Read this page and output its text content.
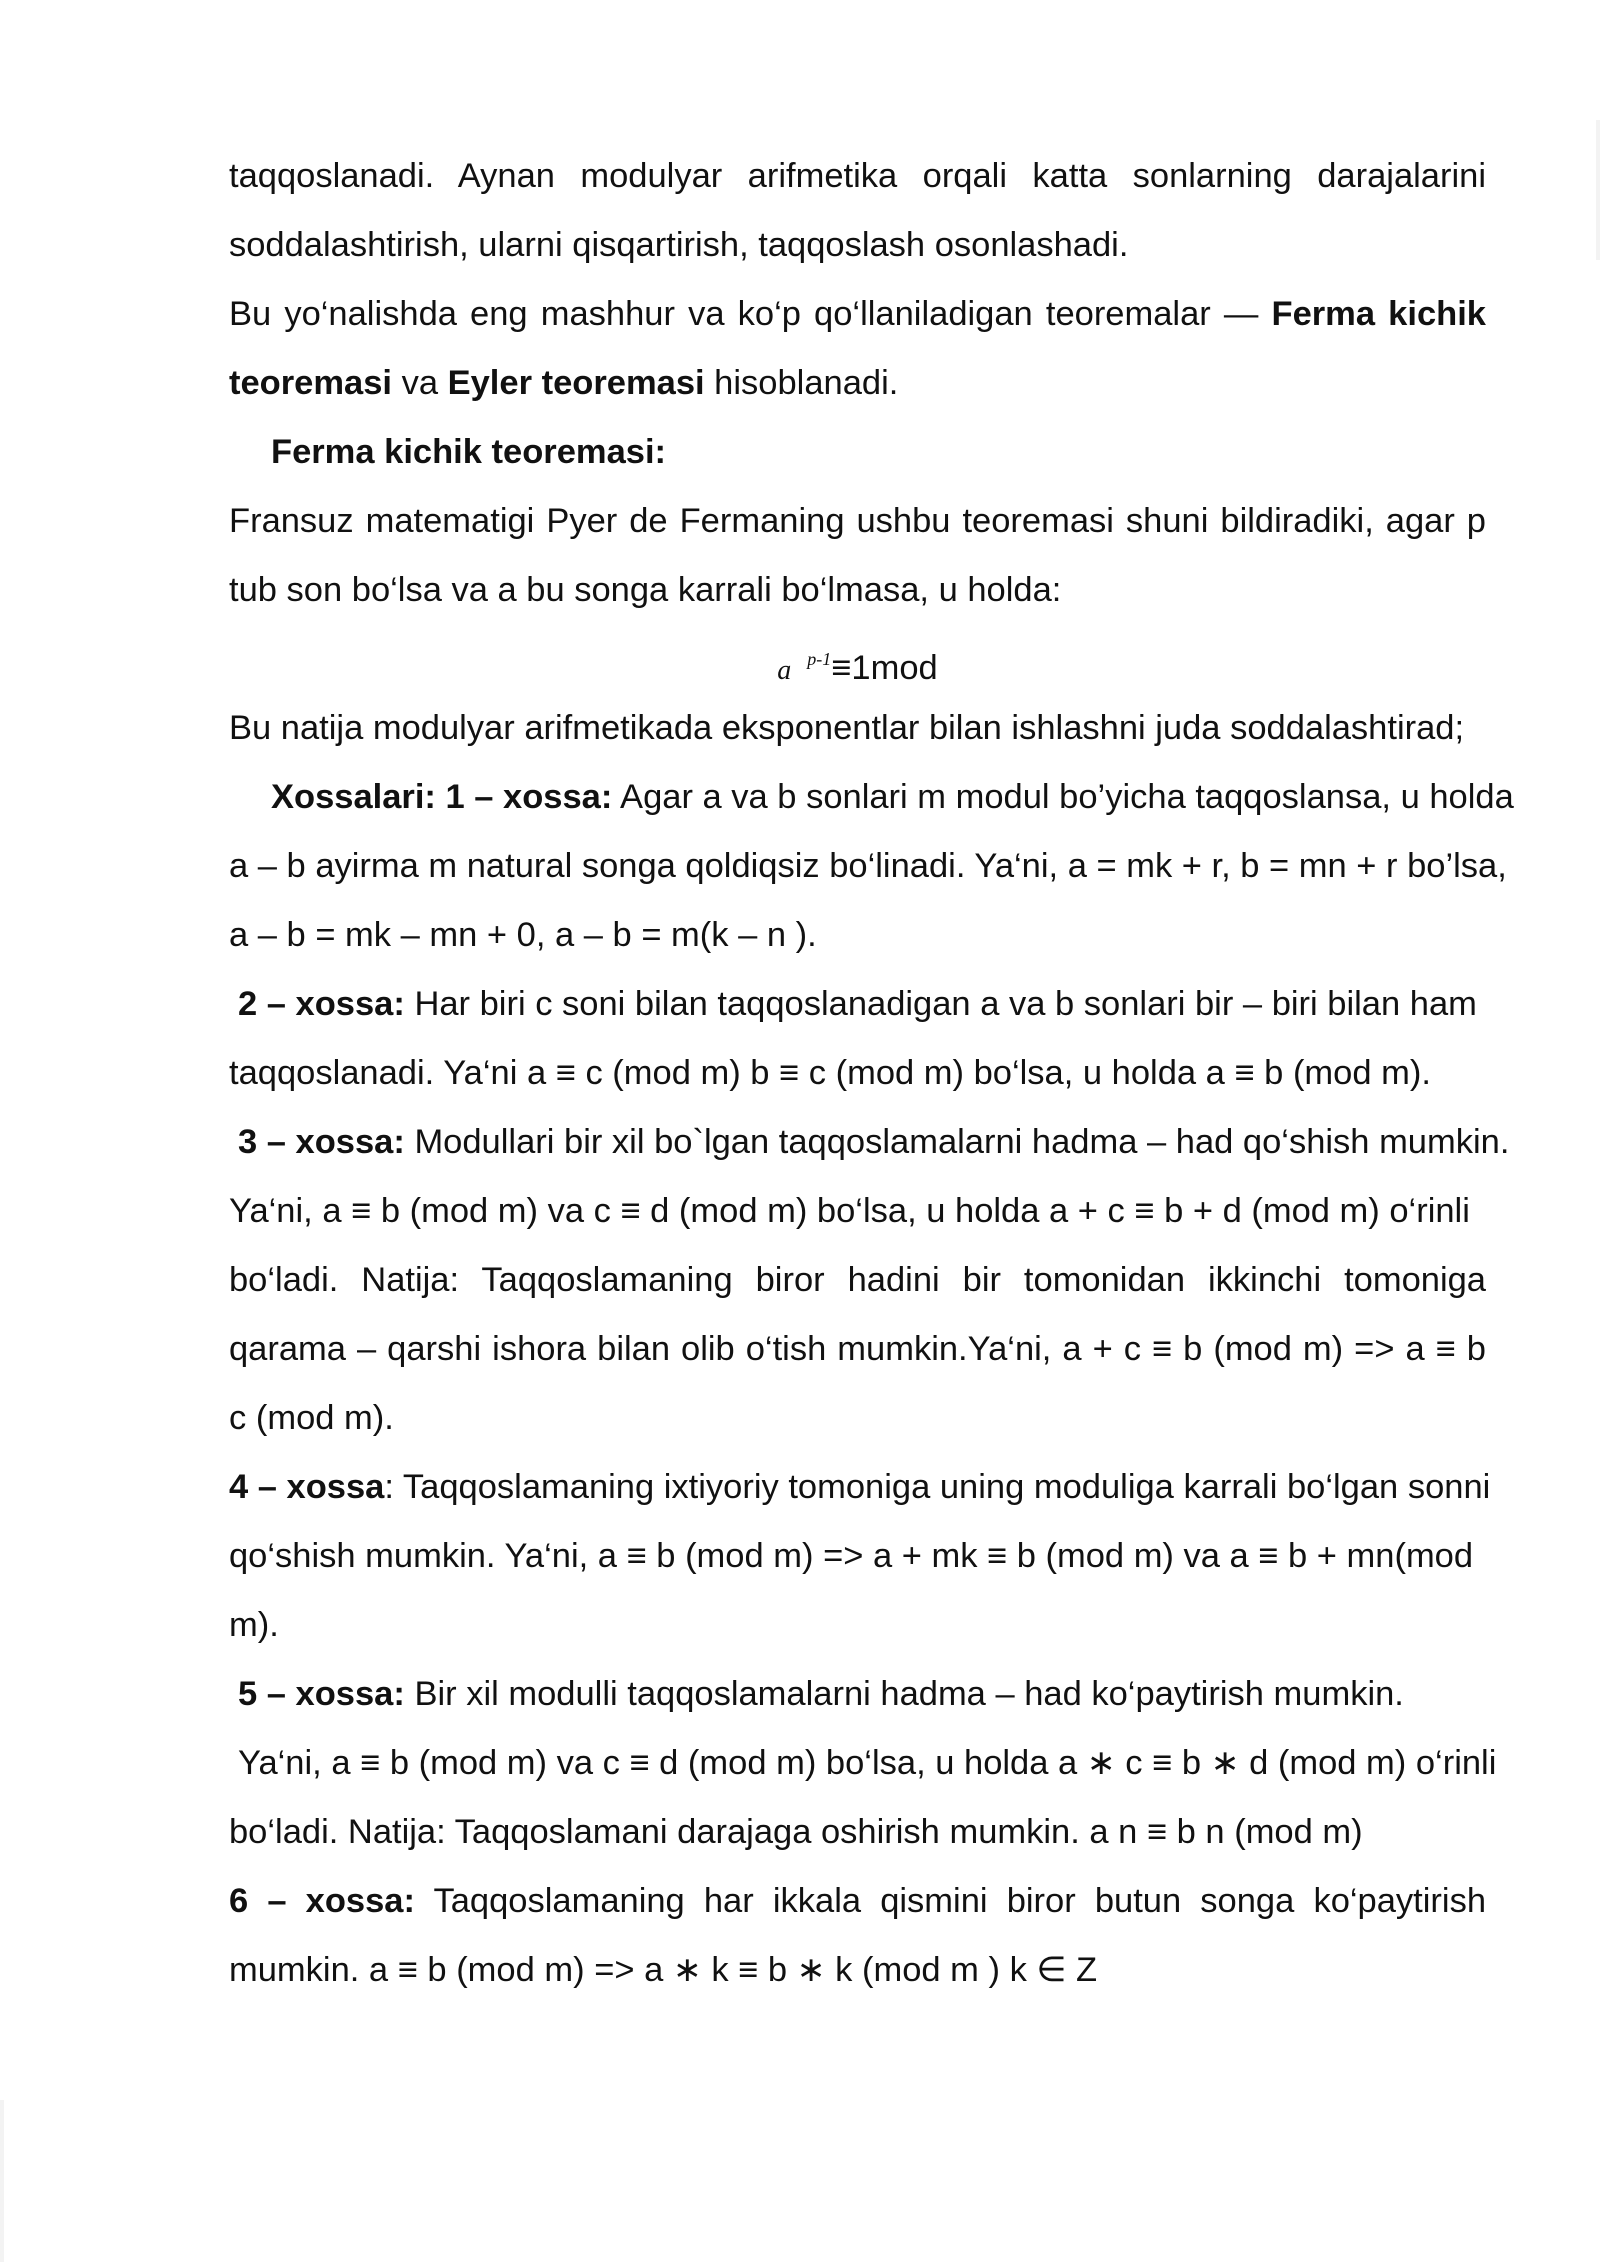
taqqoslanadi. Aynan modulyar arifmetika orqali katta sonlarning darajalarini
soddalashtirish, ularni qisqartirish, taqqoslash osonlashadi.
Bu yo‘nalishda eng mashhur va ko‘p qo‘llaniladigan teoremalar — Ferma kichik
teoremasi va Eyler teoremasi hisoblanadi.
Ferma kichik teoremasi:
Fransuz matematigi Pyer de Fermaning ushbu teoremasi shuni bildiradiki, agar p
tub son bo‘lsa va a bu songa karrali bo‘lmasa, u holda:
a $^{p-1}$≡1mod
Bu natija modulyar arifmetikada eksponentlar bilan ishlashni juda soddalashtirad;
Xossalari: 1 – xossa: Agar a va b sonlari m modul bo’yicha taqqoslansa, u holda
a – b ayirma m natural songa qoldiqsiz bo‘linadi. Ya‘ni, a = mk + r, b = mn + r bo’lsa,
a – b = mk – mn + 0, a – b = m(k – n ).
2 – xossa: Har biri c soni bilan taqqoslanadigan a va b sonlari bir – biri bilan ham
taqqoslanadi. Ya‘ni a ≡ c (mod m) b ≡ c (mod m) bo‘lsa, u holda a ≡ b (mod m).
3 – xossa: Modullari bir xil bo`lgan taqqoslamalarni hadma – had qo‘shish mumkin.
Ya‘ni, a ≡ b (mod m) va c ≡ d (mod m) bo‘lsa, u holda a + c ≡ b + d (mod m) o‘rinli
bo‘ladi. Natija: Taqqoslamaning biror hadini bir tomonidan ikkinchi tomoniga
qarama – qarshi ishora bilan olib o‘tish mumkin.Ya‘ni, a + c ≡ b (mod m) => a ≡ b
c (mod m).
4 – xossa: Taqqoslamaning ixtiyoriy tomoniga uning moduliga karrali bo‘lgan sonni
qo‘shish mumkin. Ya‘ni, a ≡ b (mod m) => a + mk ≡ b (mod m) va a ≡ b + mn(mod
m).
5 – xossa: Bir xil modulli taqqoslamalarni hadma – had ko‘paytirish mumkin.
Ya‘ni, a ≡ b (mod m) va c ≡ d (mod m) bo‘lsa, u holda a ∗ c ≡ b ∗ d (mod m) o‘rinli
bo‘ladi. Natija: Taqqoslamani darajaga oshirish mumkin. a n ≡ b n (mod m)
6 – xossa: Taqqoslamaning har ikkala qismini biror butun songa ko‘paytirish
mumkin. a ≡ b (mod m) => a ∗ k ≡ b ∗ k (mod m ) k ∈ Z
